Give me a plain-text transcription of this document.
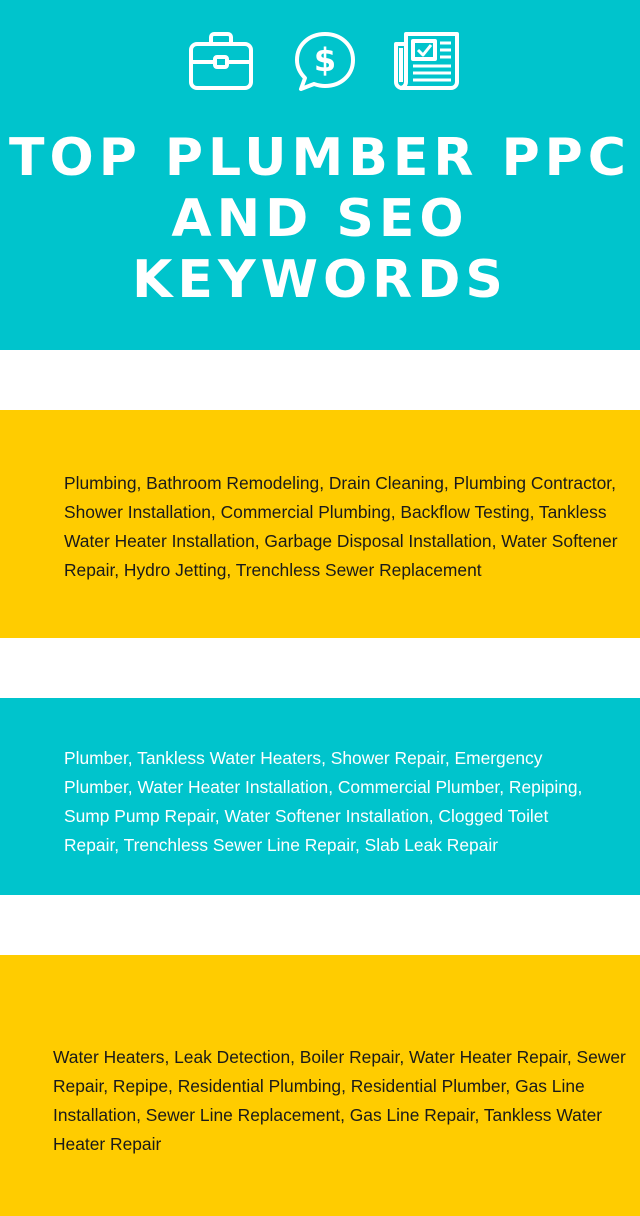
$
TOP PLUMBER PPC AND SEO KEYWORDS

Plumbing, Bathroom Remodeling, Drain Cleaning, Plumbing Contractor, Shower Installation, Commercial Plumbing, Backflow Testing, Tankless Water Heater Installation, Garbage Disposal Installation, Water Softener Repair, Hydro Jetting, Trenchless Sewer Replacement

Plumber, Tankless Water Heaters, Shower Repair, Emergency Plumber, Water Heater Installation, Commercial Plumber, Repiping, Sump Pump Repair, Water Softener Installation, Clogged Toilet Repair, Trenchless Sewer Line Repair, Slab Leak Repair

Water Heaters, Leak Detection, Boiler Repair, Water Heater Repair, Sewer Repair, Repipe, Residential Plumbing, Residential Plumber, Gas Line Installation, Sewer Line Replacement, Gas Line Repair, Tankless Water Heater Repair
